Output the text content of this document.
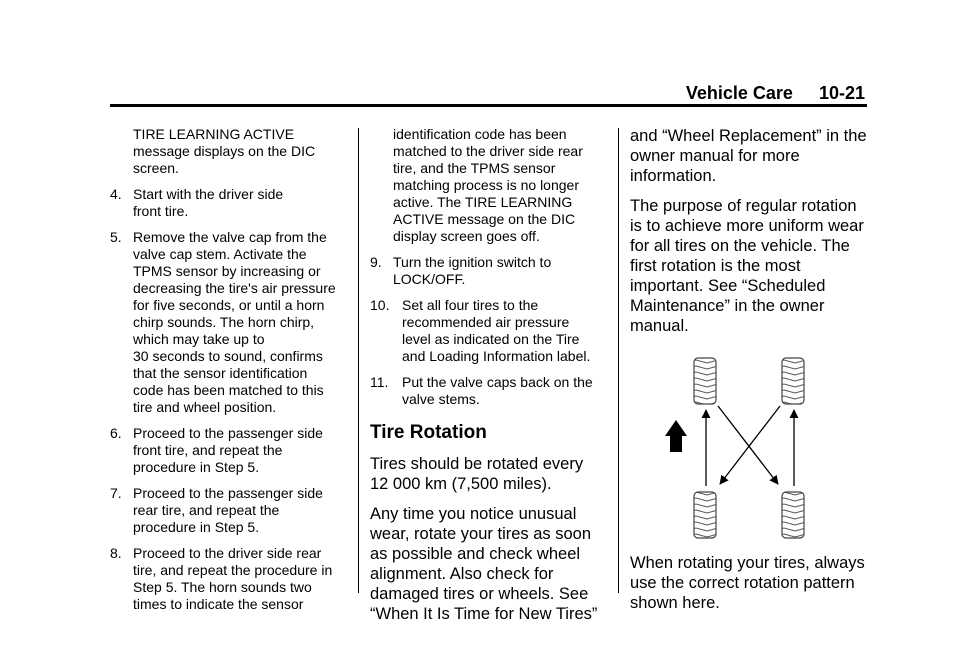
Vehicle Care 10-21
TIRE LEARNING ACTIVE
message displays on the DIC
screen.
4. Start with the driver side
front tire.
5. Remove the valve cap from the
valve cap stem. Activate the
TPMS sensor by increasing or
decreasing the tire's air pressure
for five seconds, or until a horn
chirp sounds. The horn chirp,
which may take up to
30 seconds to sound, confirms
that the sensor identification
code has been matched to this
tire and wheel position.
6. Proceed to the passenger side
front tire, and repeat the
procedure in Step 5.
7. Proceed to the passenger side
rear tire, and repeat the
procedure in Step 5.
8. Proceed to the driver side rear
tire, and repeat the procedure in
Step 5. The horn sounds two
times to indicate the sensor
identification code has been
matched to the driver side rear
tire, and the TPMS sensor
matching process is no longer
active. The TIRE LEARNING
ACTIVE message on the DIC
display screen goes off.
9. Turn the ignition switch to
LOCK/OFF.
10. Set all four tires to the
recommended air pressure
level as indicated on the Tire
and Loading Information label.
11. Put the valve caps back on the
valve stems.
Tire Rotation
Tires should be rotated every
12 000 km (7,500 miles).
Any time you notice unusual
wear, rotate your tires as soon
as possible and check wheel
alignment. Also check for
damaged tires or wheels. See
“When It Is Time for New Tires”
and “Wheel Replacement” in the
owner manual for more
information.
The purpose of regular rotation
is to achieve more uniform wear
for all tires on the vehicle. The
first rotation is the most
important. See “Scheduled
Maintenance” in the owner
manual.
When rotating your tires, always
use the correct rotation pattern
shown here.
